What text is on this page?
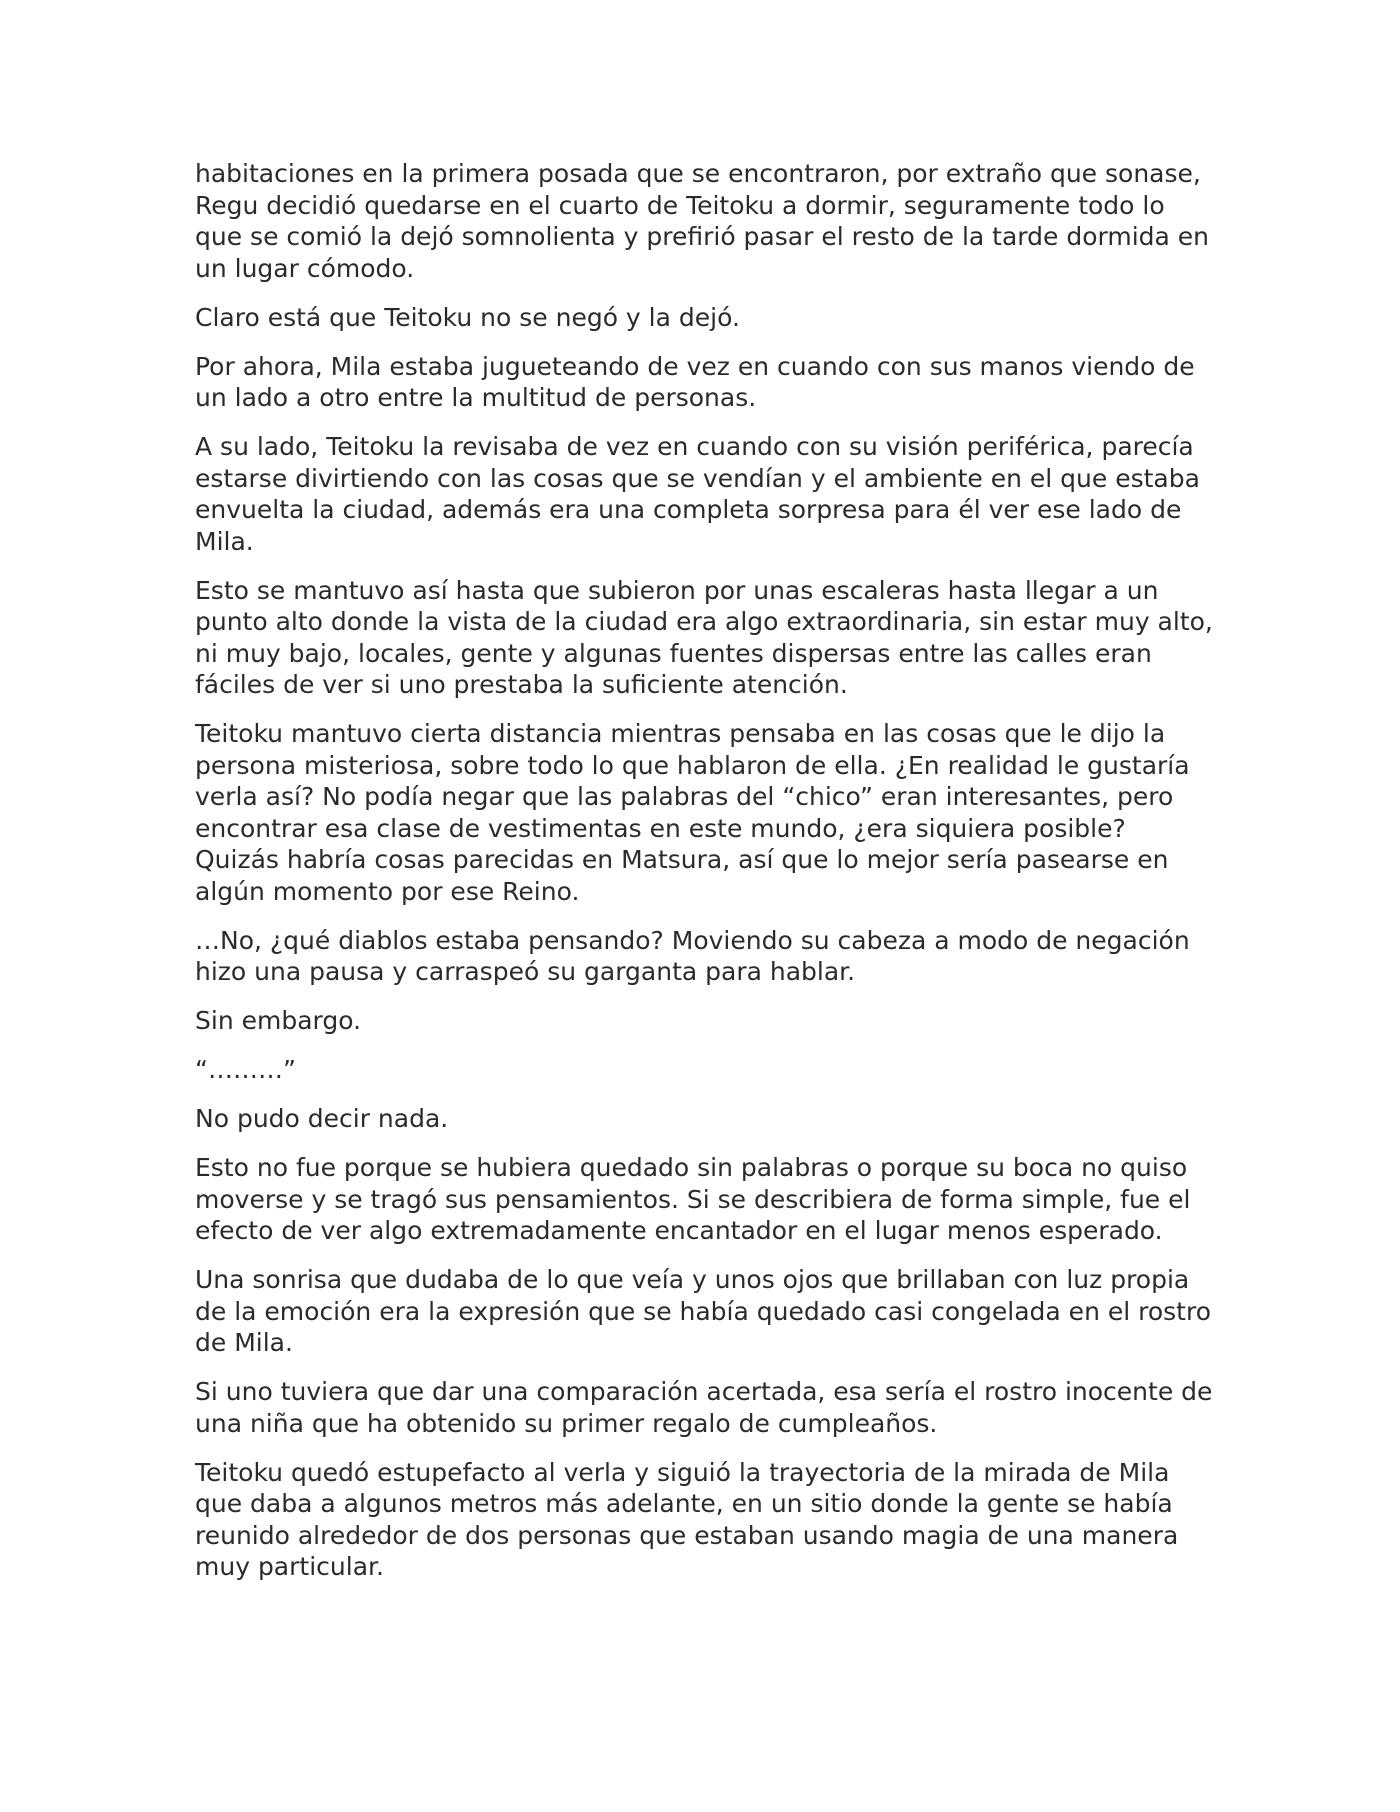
habitaciones en la primera posada que se encontraron, por extraño que sonase, Regu decidió quedarse en el cuarto de Teitoku a dormir, seguramente todo lo que se comió la dejó somnolienta y prefirió pasar el resto de la tarde dormida en un lugar cómodo.

Claro está que Teitoku no se negó y la dejó.

Por ahora, Mila estaba jugueteando de vez en cuando con sus manos viendo de un lado a otro entre la multitud de personas.

A su lado, Teitoku la revisaba de vez en cuando con su visión periférica, parecía estarse divirtiendo con las cosas que se vendían y el ambiente en el que estaba envuelta la ciudad, además era una completa sorpresa para él ver ese lado de Mila.

Esto se mantuvo así hasta que subieron por unas escaleras hasta llegar a un punto alto donde la vista de la ciudad era algo extraordinaria, sin estar muy alto, ni muy bajo, locales, gente y algunas fuentes dispersas entre las calles eran fáciles de ver si uno prestaba la suficiente atención.

Teitoku mantuvo cierta distancia mientras pensaba en las cosas que le dijo la persona misteriosa, sobre todo lo que hablaron de ella. ¿En realidad le gustaría verla así? No podía negar que las palabras del “chico” eran interesantes, pero encontrar esa clase de vestimentas en este mundo, ¿era siquiera posible? Quizás habría cosas parecidas en Matsura, así que lo mejor sería pasearse en algún momento por ese Reino.

…No, ¿qué diablos estaba pensando? Moviendo su cabeza a modo de negación hizo una pausa y carraspeó su garganta para hablar.

Sin embargo.

“………”

No pudo decir nada.

Esto no fue porque se hubiera quedado sin palabras o porque su boca no quiso moverse y se tragó sus pensamientos. Si se describiera de forma simple, fue el efecto de ver algo extremadamente encantador en el lugar menos esperado.

Una sonrisa que dudaba de lo que veía y unos ojos que brillaban con luz propia de la emoción era la expresión que se había quedado casi congelada en el rostro de Mila.

Si uno tuviera que dar una comparación acertada, esa sería el rostro inocente de una niña que ha obtenido su primer regalo de cumpleaños.

Teitoku quedó estupefacto al verla y siguió la trayectoria de la mirada de Mila que daba a algunos metros más adelante, en un sitio donde la gente se había reunido alrededor de dos personas que estaban usando magia de una manera muy particular.
